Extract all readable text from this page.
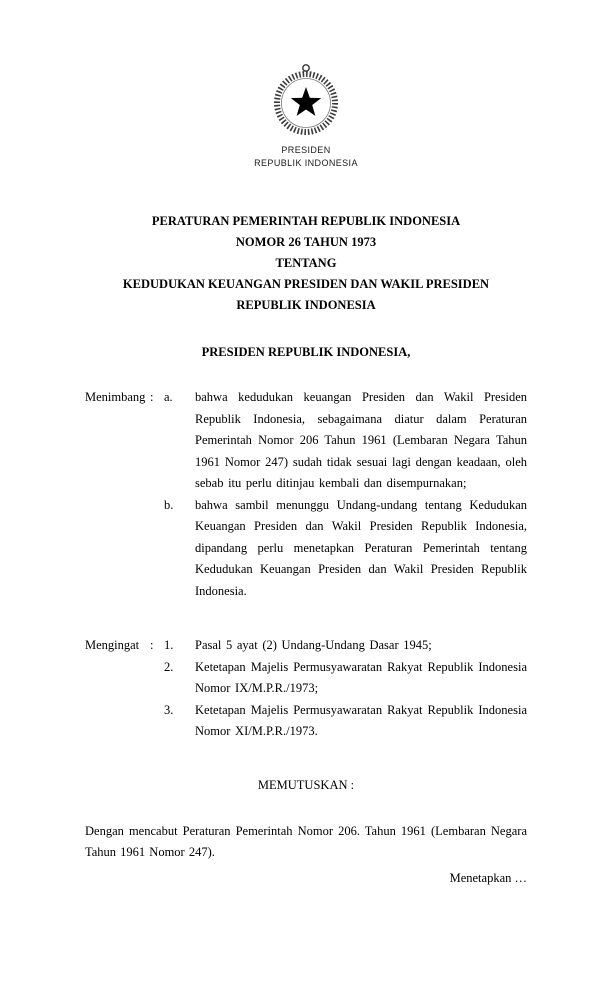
PRESIDEN
REPUBLIK INDONESIA
PERATURAN PEMERINTAH REPUBLIK INDONESIA
NOMOR 26 TAHUN 1973
TENTANG
KEDUDUKAN KEUANGAN PRESIDEN DAN WAKIL PRESIDEN
REPUBLIK INDONESIA
PRESIDEN REPUBLIK INDONESIA,
Menimbang : a.	bahwa kedudukan keuangan Presiden dan Wakil Presiden Republik Indonesia, sebagaimana diatur dalam Peraturan Pemerintah Nomor 206 Tahun 1961 (Lembaran Negara Tahun 1961 Nomor 247) sudah tidak sesuai lagi dengan keadaan, oleh sebab itu perlu ditinjau kembali dan disempurnakan;
b.	bahwa sambil menunggu Undang-undang tentang Kedudukan Keuangan Presiden dan Wakil Presiden Republik Indonesia, dipandang perlu menetapkan Peraturan Pemerintah tentang Kedudukan Keuangan Presiden dan Wakil Presiden Republik Indonesia.
Mengingat : 1.	Pasal 5 ayat (2) Undang-Undang Dasar 1945;
2.	Ketetapan Majelis Permusyawaratan Rakyat Republik Indonesia Nomor IX/M.P.R./1973;
3.	Ketetapan Majelis Permusyawaratan Rakyat Republik Indonesia Nomor XI/M.P.R./1973.
MEMUTUSKAN :
Dengan mencabut Peraturan Pemerintah Nomor 206. Tahun 1961 (Lembaran Negara Tahun 1961 Nomor 247).
Menetapkan …
